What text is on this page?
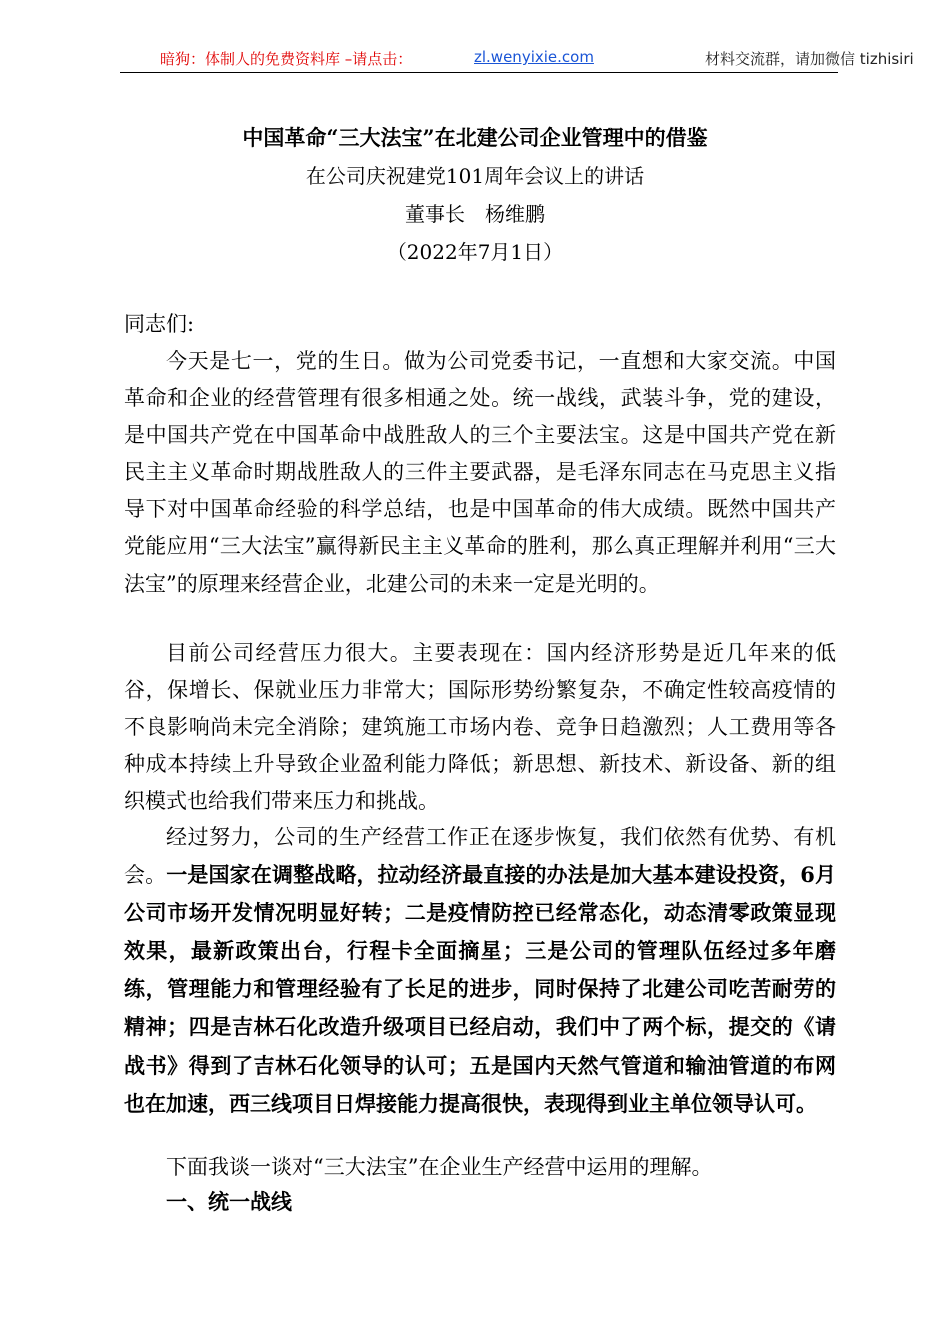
暗狗：体制人的免费资料库 –请点击：	zl.wenyixie.com	材料交流群，请加微信 tizhisiri
中国革命“三大法宝”在北建公司企业管理中的借鉴
在公司庆祝建党101周年会议上的讲话
董事长　杨维鹏
（2022年7月1日）
同志们:

今天是七一，党的生日。做为公司党委书记，一直想和大家交流。中国革命和企业的经营管理有很多相通之处。统一战线，武装斗争，党的建设，是中国共产党在中国革命中战胜敌人的三个主要法宝。这是中国共产党在新民主主义革命时期战胜敌人的三件主要武器，是毛泽东同志在马克思主义指导下对中国革命经验的科学总结，也是中国革命的伟大成绩。既然中国共产党能应用“三大法宝”赢得新民主主义革命的胜利，那么真正理解并利用“三大法宝”的原理来经营企业，北建公司的未来一定是光明的。

目前公司经营压力很大。主要表现在：国内经济形势是近几年来的低谷，保增长、保就业压力非常大；国际形势纷繁复杂，不确定性较高疫情的不良影响尚未完全消除；建筑施工市场内卷、竞争日趋激烈；人工费用等各种成本持续上升导致企业盈利能力降低；新思想、新技术、新设备、新的组织模式也给我们带来压力和挑战。

经过努力，公司的生产经营工作正在逐步恢复，我们依然有优势、有机会。一是国家在调整战略，拉动经济最直接的办法是加大基本建设投资，6月公司市场开发情况明显好转；二是疫情防控已经常态化，动态清零政策显现效果，最新政策出台，行程卡全面摘星；三是公司的管理队伍经过多年磨练，管理能力和管理经验有了长足的进步，同时保持了北建公司吃苦耐劳的精神；四是吉林石化改造升级项目已经启动，我们中了两个标，提交的《请战书》得到了吉林石化领导的认可；五是国内天然气管道和输油管道的布网也在加速，西三线项目日焊接能力提高很快，表现得到业主单位领导认可。

下面我谈一谈对“三大法宝”在企业生产经营中运用的理解。

一、统一战线
